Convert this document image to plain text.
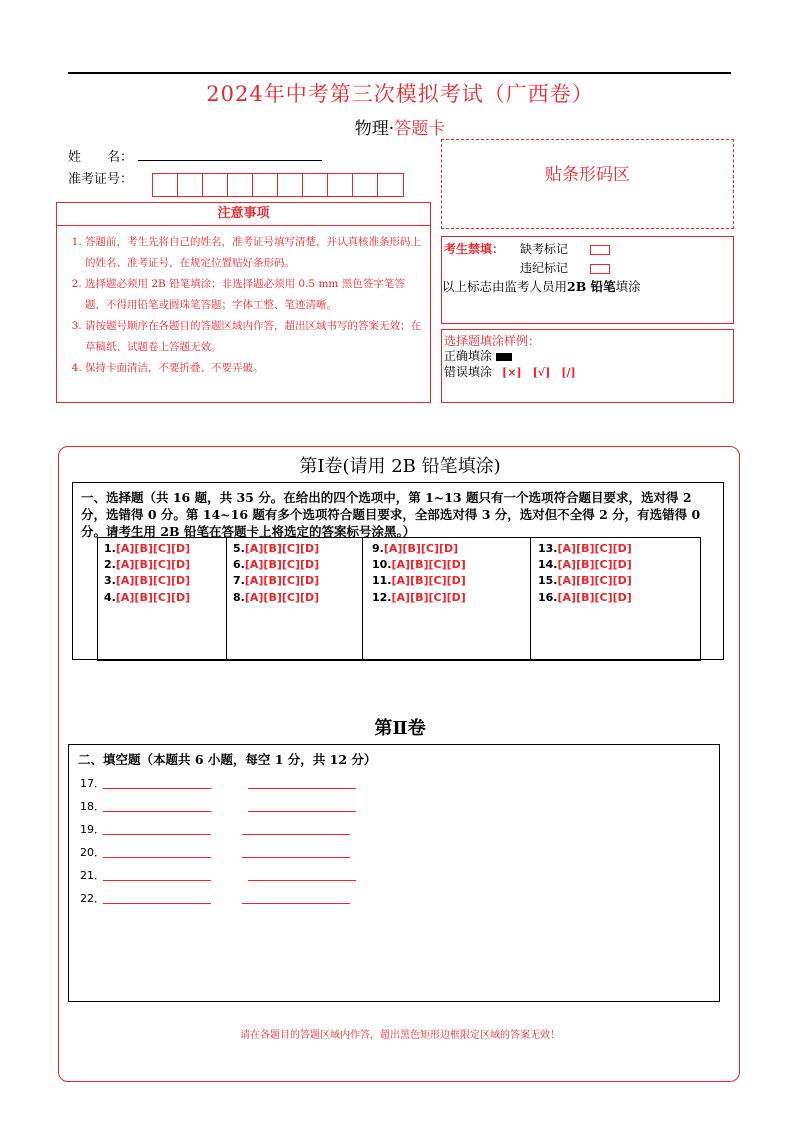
2024年中考第三次模拟考试（广西卷）
物理·答题卡
姓　　名：
准考证号：	贴条形码区
注意事项
1. 答题前，考生先将自己的姓名，准考证号填写清楚，并认真核准条形码上的姓名、准考证号，在规定位置贴好条形码。
2. 选择题必须用 2B 铅笔填涂；非选择题必须用 0.5 mm 黑色签字笔答题，不得用铅笔或圆珠笔答题；字体工整、笔迹清晰。
3. 请按题号顺序在各题目的答题区域内作答，超出区域书写的答案无效；在草稿纸、试题卷上答题无效。
4. 保持卡面清洁，不要折叠、不要弄破。
考生禁填： 缺考标记
违纪标记
以上标志由监考人员用2B 铅笔填涂
选择题填涂样例：
正确填涂
错误填涂 [×]　[√]　[/]
第Ⅰ卷(请用 2B 铅笔填涂)
一、选择题（共 16 题，共 35 分。在给出的四个选项中，第 1~13 题只有一个选项符合题目要求，选对得 2 分，选错得 0 分。第 14~16 题有多个选项符合题目要求，全部选对得 3 分，选对但不全得 2 分，有选错得 0 分。请考生用 2B 铅笔在答题卡上将选定的答案标号涂黑。）
1.[A][B][C][D]
2.[A][B][C][D]
3.[A][B][C][D]
4.[A][B][C][D]
5.[A][B][C][D]
6.[A][B][C][D]
7.[A][B][C][D]
8.[A][B][C][D]
9.[A][B][C][D]
10.[A][B][C][D]
11.[A][B][C][D]
12.[A][B][C][D]
13.[A][B][C][D]
14.[A][B][C][D]
15.[A][B][C][D]
16.[A][B][C][D]
第Ⅱ卷
二、填空题（本题共 6 小题，每空 1 分，共 12 分）
17．
18．
19．
20．
21．
22．
请在各题目的答题区域内作答，超出黑色矩形边框限定区域的答案无效！
